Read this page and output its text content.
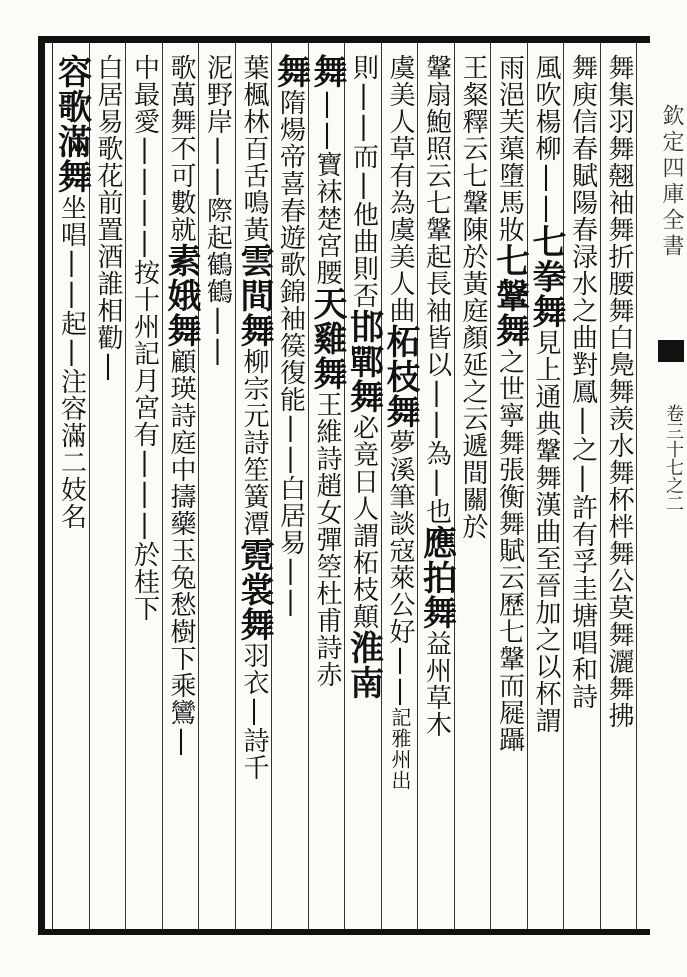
舞集羽舞翹袖舞折腰舞白鳧舞羡水舞杯柈舞公莫舞灑舞拂
舞庾信春賦陽春渌水之曲對鳳|之|許有孚圭塘唱和詩
風吹楊柳||七拳舞見上通典鞶舞漢曲至晉加之以杯謂
雨浥芙蕖墮馬妝七鞶舞之世寧舞張衡舞賦云歷七鞶而屣躡
王粲釋云七鞶陳於黃庭顏延之云遞間關於
鞶扇鮑照云七鞶起長袖皆以||為|也應拍舞益州草木
虞美人草有為虞美人曲柘枝舞夢溪筆談寇萊公好||記雅州出
則||而|他曲則否邯鄲舞必竟日人謂柘枝顛淮南
舞||寶袜楚宮腰天雞舞王維詩趙女彈箜杜甫詩赤
舞隋煬帝喜春遊歌錦袖篌復能||白居易||
葉楓林百舌鳴黃雲間舞柳宗元詩笙簧潭霓裳舞羽衣|詩千
泥野岸||際起鶴鶴||
歌萬舞不可數就素娥舞顧瑛詩庭中擣藥玉兔愁樹下乘鸞|
中最愛||||按十州記月宮有|||於桂下
白居易歌花前置酒誰相勸|
容歌滿舞坐唱||起|注容滿二妓名
欽定四庫全書
卷三十七之二
